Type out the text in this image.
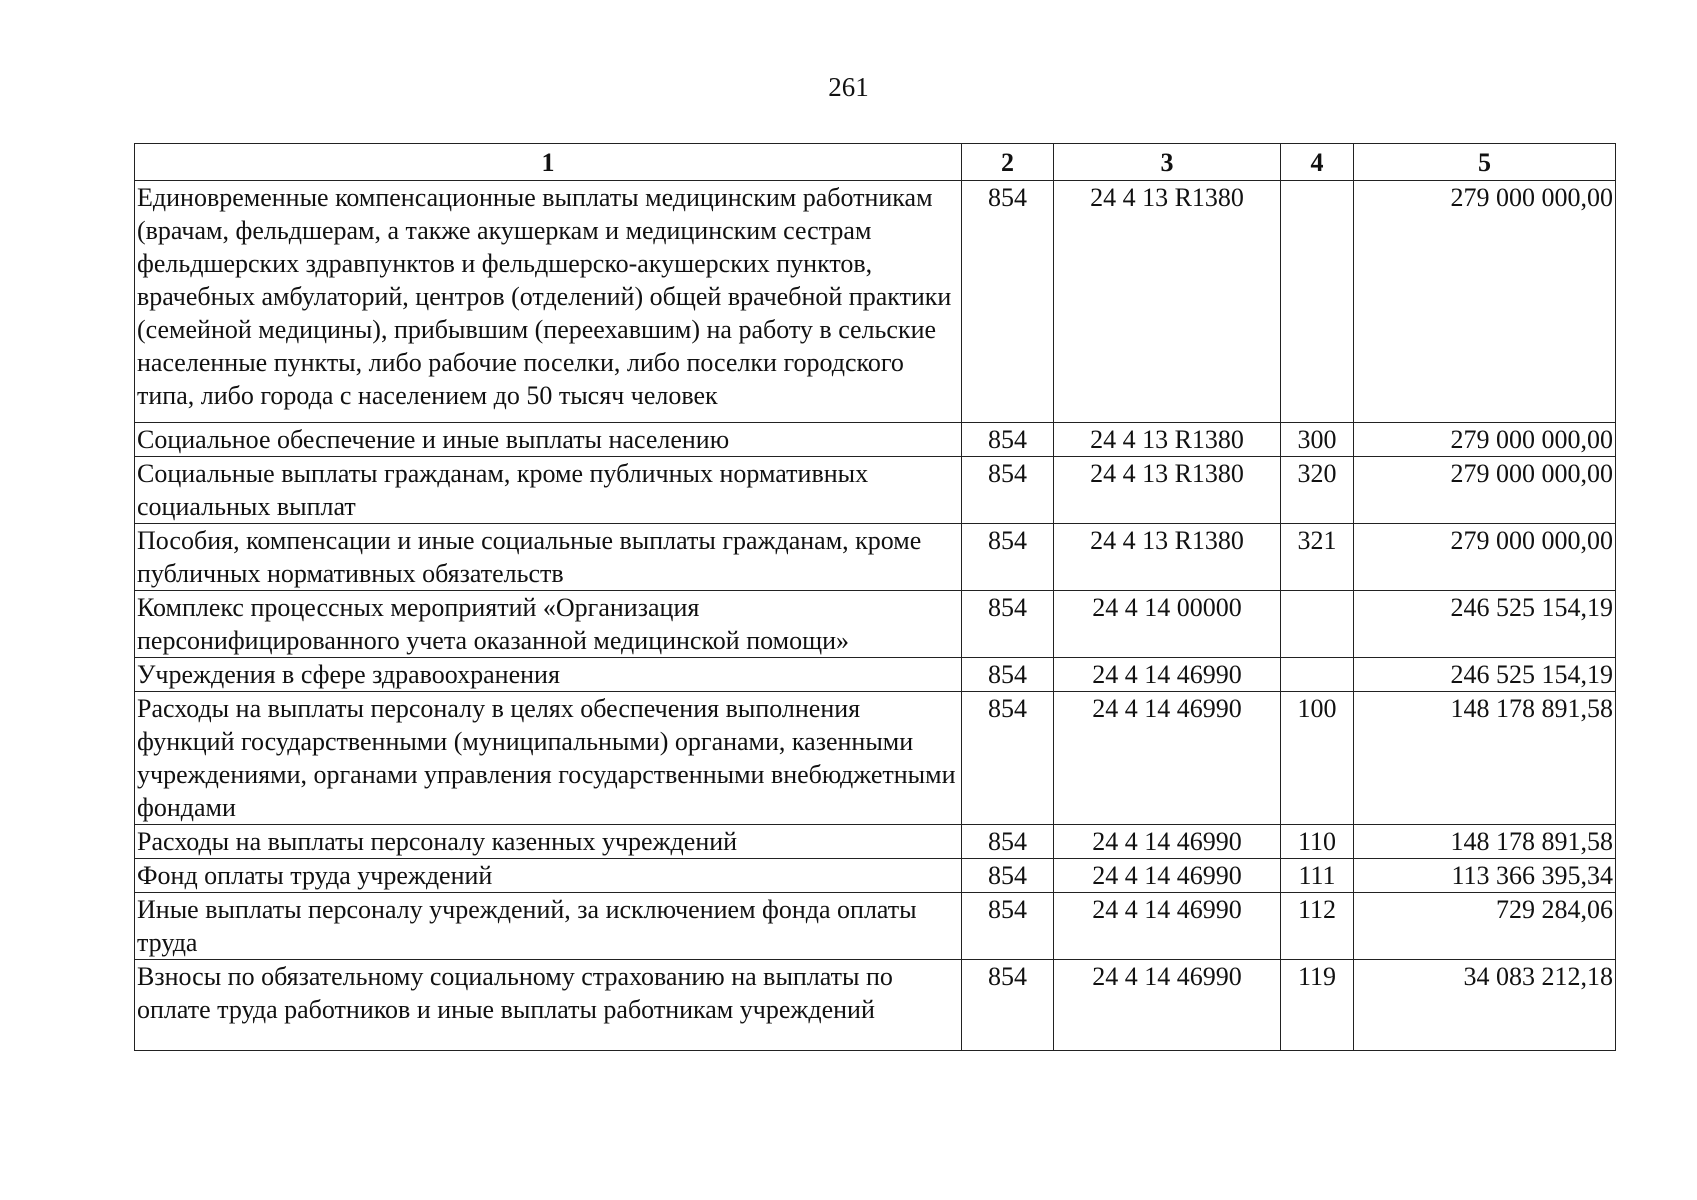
261
1	2	3	4	5
Единовременные компенсационные выплаты медицинским работникам (врачам, фельдшерам, а также акушеркам и медицинским сестрам фельдшерских здравпунктов и фельдшерско-акушерских пунктов, врачебных амбулаторий, центров (отделений) общей врачебной практики (семейной медицины), прибывшим (переехавшим) на работу в сельские населенные пункты, либо рабочие поселки, либо поселки городского типа, либо города с населением до 50 тысяч человек	854	24 4 13 R1380		279 000 000,00
Социальное обеспечение и иные выплаты населению	854	24 4 13 R1380	300	279 000 000,00
Социальные выплаты гражданам, кроме публичных нормативных социальных выплат	854	24 4 13 R1380	320	279 000 000,00
Пособия, компенсации и иные социальные выплаты гражданам, кроме публичных нормативных обязательств	854	24 4 13 R1380	321	279 000 000,00
Комплекс процессных мероприятий «Организация персонифицированного учета оказанной медицинской помощи»	854	24 4 14 00000		246 525 154,19
Учреждения в сфере здравоохранения	854	24 4 14 46990		246 525 154,19
Расходы на выплаты персоналу в целях обеспечения выполнения функций государственными (муниципальными) органами, казенными учреждениями, органами управления государственными внебюджетными фондами	854	24 4 14 46990	100	148 178 891,58
Расходы на выплаты персоналу казенных учреждений	854	24 4 14 46990	110	148 178 891,58
Фонд оплаты труда учреждений	854	24 4 14 46990	111	113 366 395,34
Иные выплаты персоналу учреждений, за исключением фонда оплаты труда	854	24 4 14 46990	112	729 284,06
Взносы по обязательному социальному страхованию на выплаты по оплате труда работников и иные выплаты работникам учреждений	854	24 4 14 46990	119	34 083 212,18
